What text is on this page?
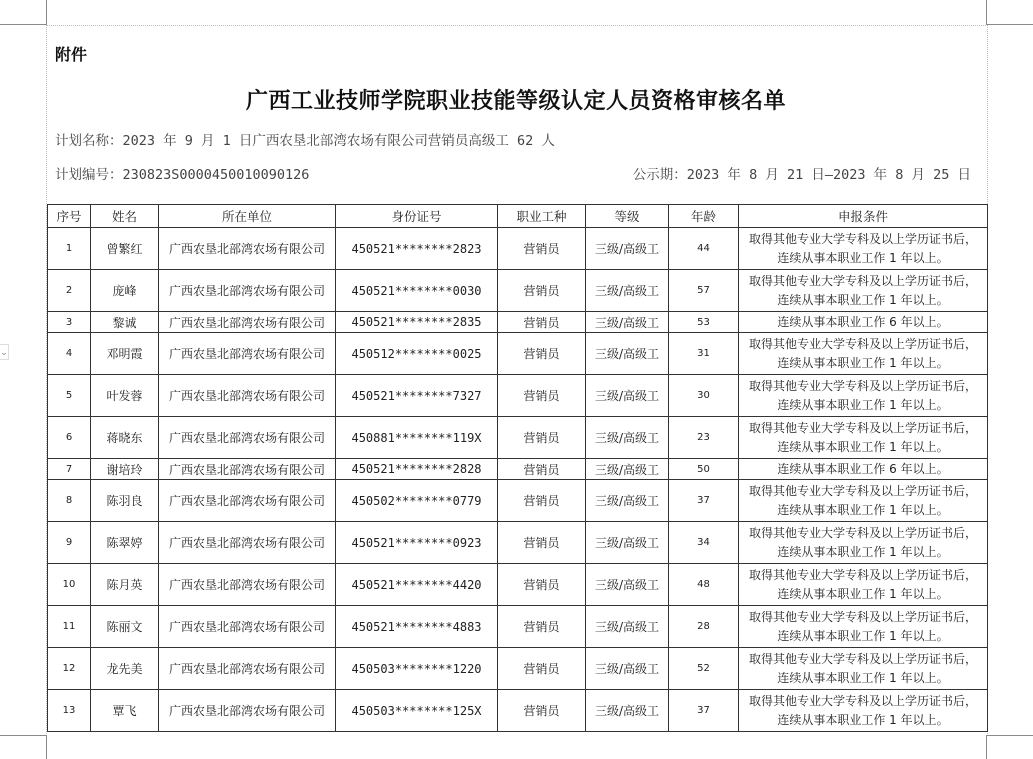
⌄
附件
广西工业技师学院职业技能等级认定人员资格审核名单
计划名称：2023 年 9 月 1 日广西农垦北部湾农场有限公司营销员高级工 62 人
计划编号：230823S0000450010090126	公示期：2023 年 8 月 21 日—2023 年 8 月 25 日
序号	姓名	所在单位	身份证号	职业工种	等级	年龄	申报条件
1	曾繁红	广西农垦北部湾农场有限公司	450521********2823	营销员	三级/高级工	44	取得其他专业大学专科及以上学历证书后，
连续从事本职业工作 1 年以上。

2	庞峰	广西农垦北部湾农场有限公司	450521********0030	营销员	三级/高级工	57	取得其他专业大学专科及以上学历证书后，
连续从事本职业工作 1 年以上。

3	黎诚	广西农垦北部湾农场有限公司	450521********2835	营销员	三级/高级工	53	连续从事本职业工作 6 年以上。

4	邓明霞	广西农垦北部湾农场有限公司	450512********0025	营销员	三级/高级工	31	取得其他专业大学专科及以上学历证书后，
连续从事本职业工作 1 年以上。

5	叶发蓉	广西农垦北部湾农场有限公司	450521********7327	营销员	三级/高级工	30	取得其他专业大学专科及以上学历证书后，
连续从事本职业工作 1 年以上。

6	蒋晓东	广西农垦北部湾农场有限公司	450881********119X	营销员	三级/高级工	23	取得其他专业大学专科及以上学历证书后，
连续从事本职业工作 1 年以上。

7	谢培玲	广西农垦北部湾农场有限公司	450521********2828	营销员	三级/高级工	50	连续从事本职业工作 6 年以上。

8	陈羽良	广西农垦北部湾农场有限公司	450502********0779	营销员	三级/高级工	37	取得其他专业大学专科及以上学历证书后，
连续从事本职业工作 1 年以上。

9	陈翠婷	广西农垦北部湾农场有限公司	450521********0923	营销员	三级/高级工	34	取得其他专业大学专科及以上学历证书后，
连续从事本职业工作 1 年以上。

10	陈月英	广西农垦北部湾农场有限公司	450521********4420	营销员	三级/高级工	48	取得其他专业大学专科及以上学历证书后，
连续从事本职业工作 1 年以上。

11	陈丽文	广西农垦北部湾农场有限公司	450521********4883	营销员	三级/高级工	28	取得其他专业大学专科及以上学历证书后，
连续从事本职业工作 1 年以上。

12	龙先美	广西农垦北部湾农场有限公司	450503********1220	营销员	三级/高级工	52	取得其他专业大学专科及以上学历证书后，
连续从事本职业工作 1 年以上。

13	覃飞	广西农垦北部湾农场有限公司	450503********125X	营销员	三级/高级工	37	取得其他专业大学专科及以上学历证书后，
连续从事本职业工作 1 年以上。
